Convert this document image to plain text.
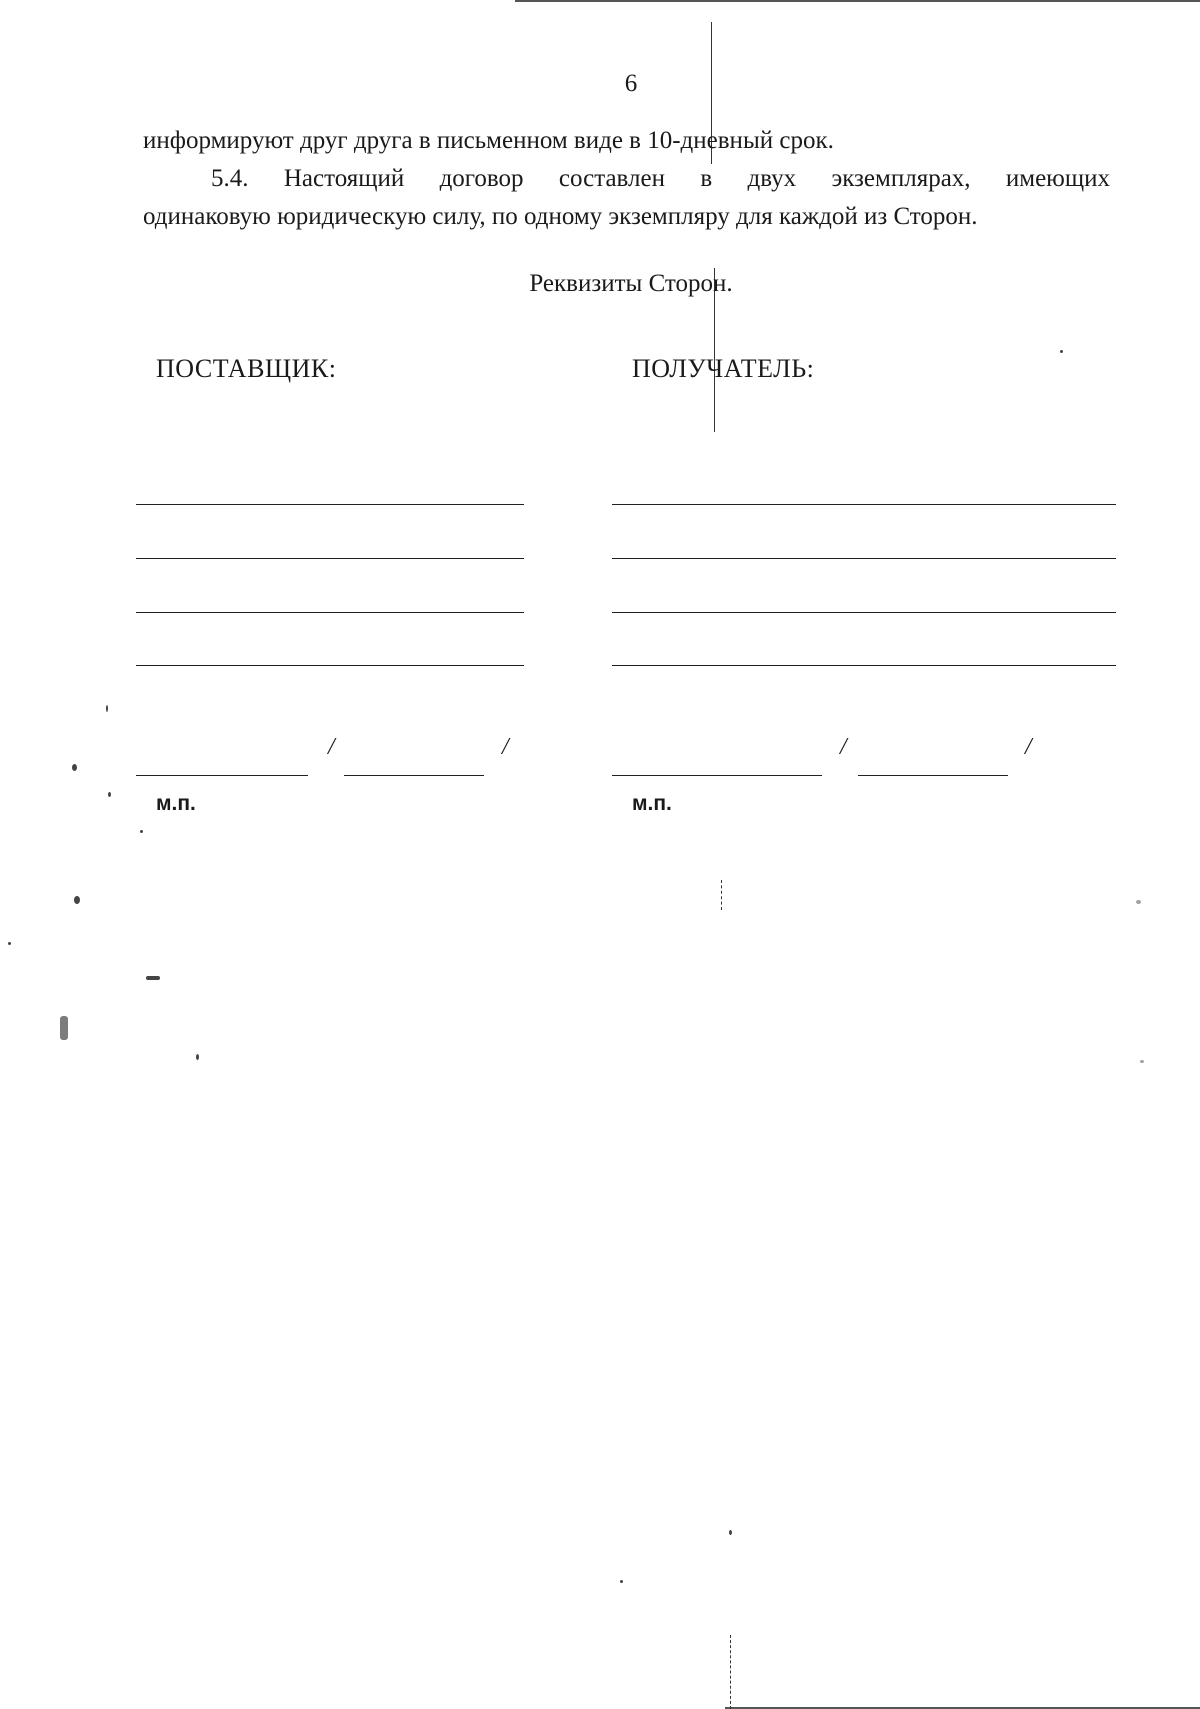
6
информируют друг друга в письменном виде в 10-дневный срок.
5.4. Настоящий договор составлен в двух экземплярах, имеющих
одинаковую юридическую силу, по одному экземпляру для каждой из Сторон.
Реквизиты Сторон.
ПОСТАВЩИК:	ПОЛУЧАТЕЛЬ:
/	/	/	/
м.п.	м.п.
